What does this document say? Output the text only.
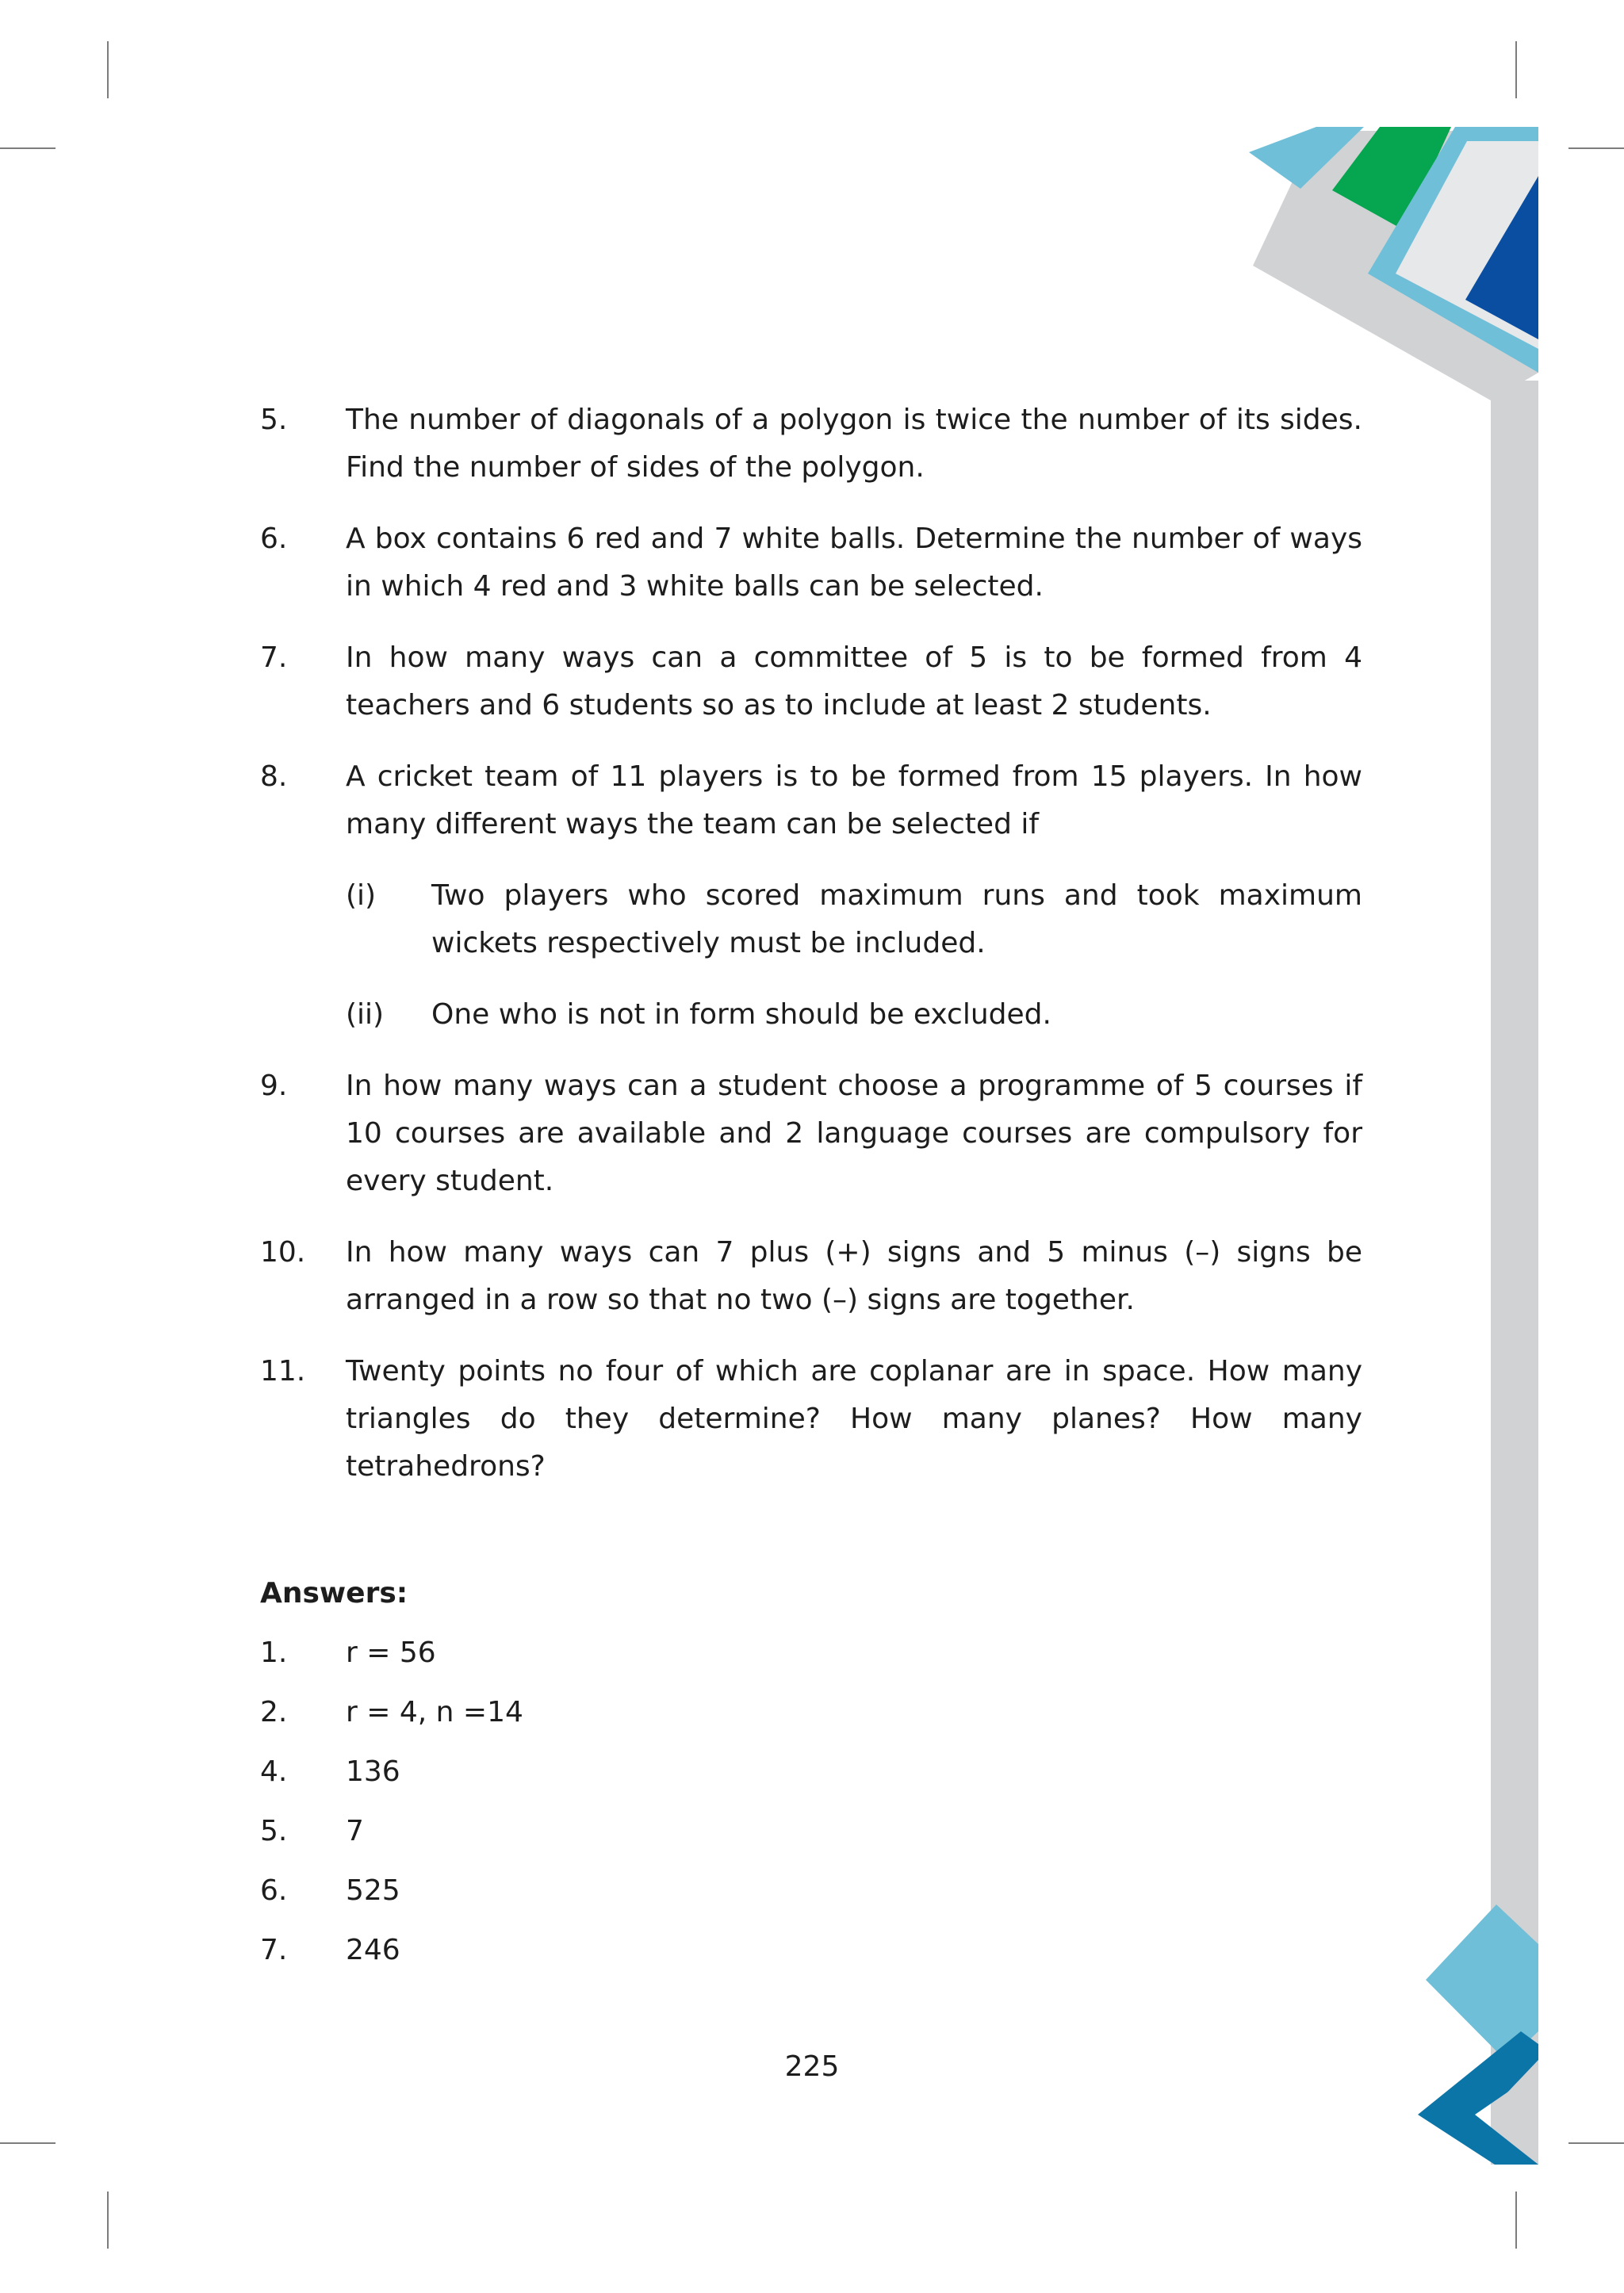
5. The number of diagonals of a polygon is twice the number of its sides. Find the number of sides of the polygon.
6. A box contains 6 red and 7 white balls. Determine the number of ways in which 4 red and 3 white balls can be selected.
7. In how many ways can a committee of 5 is to be formed from 4 teachers and 6 students so as to include at least 2 students.
8. A cricket team of 11 players is to be formed from 15 players. In how many different ways the team can be selected if
(i) Two players who scored maximum runs and took maximum wickets respectively must be included.
(ii) One who is not in form should be excluded.
9. In how many ways can a student choose a programme of 5 courses if 10 courses are available and 2 language courses are compulsory for every student.
10. In how many ways can 7 plus (+) signs and 5 minus (–) signs be arranged in a row so that no two (–) signs are together.
11. Twenty points no four of which are coplanar are in space. How many triangles do they determine? How many planes? How many tetrahedrons?
Answers:
1. r = 56
2. r = 4, n =14
4. 136
5. 7
6. 525
7. 246
225
